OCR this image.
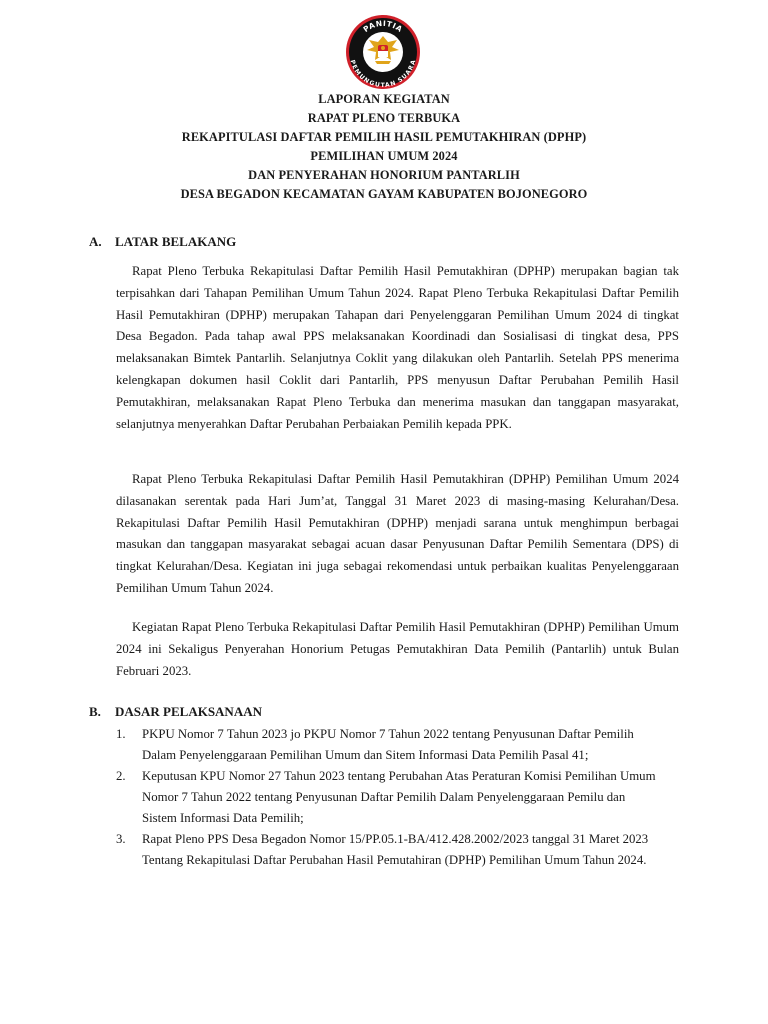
PANITIA
PEMUNGUTAN SUARA
LAPORAN KEGIATAN
RAPAT PLENO TERBUKA
REKAPITULASI DAFTAR PEMILIH HASIL PEMUTAKHIRAN (DPHP)
PEMILIHAN UMUM 2024
DAN PENYERAHAN HONORIUM PANTARLIH
DESA BEGADON KECAMATAN GAYAM KABUPATEN BOJONEGORO
A. LATAR BELAKANG

Rapat Pleno Terbuka Rekapitulasi Daftar Pemilih Hasil Pemutakhiran (DPHP) merupakan bagian tak terpisahkan dari Tahapan Pemilihan Umum Tahun 2024. Rapat Pleno Terbuka Rekapitulasi Daftar Pemilih Hasil Pemutakhiran (DPHP) merupakan Tahapan dari Penyelenggaran Pemilihan Umum 2024 di tingkat Desa Begadon. Pada tahap awal PPS melaksanakan Koordinadi dan Sosialisasi di tingkat desa, PPS melaksanakan Bimtek Pantarlih. Selanjutnya Coklit yang dilakukan oleh Pantarlih. Setelah PPS menerima kelengkapan dokumen hasil Coklit dari Pantarlih, PPS menyusun Daftar Perubahan Pemilih Hasil Pemutakhiran, melaksanakan Rapat Pleno Terbuka dan menerima masukan dan tanggapan masyarakat, selanjutnya menyerahkan Daftar Perubahan Perbaiakan Pemilih kepada PPK.

Rapat Pleno Terbuka Rekapitulasi Daftar Pemilih Hasil Pemutakhiran (DPHP) Pemilihan Umum 2024 dilasanakan serentak pada Hari Jum’at, Tanggal 31 Maret 2023 di masing-masing Kelurahan/Desa. Rekapitulasi Daftar Pemilih Hasil Pemutakhiran (DPHP) menjadi sarana untuk menghimpun berbagai masukan dan tanggapan masyarakat sebagai acuan dasar Penyusunan Daftar Pemilih Sementara (DPS) di tingkat Kelurahan/Desa. Kegiatan ini juga sebagai rekomendasi untuk perbaikan kualitas Penyelenggaraan Pemilihan Umum Tahun 2024.

Kegiatan Rapat Pleno Terbuka Rekapitulasi Daftar Pemilih Hasil Pemutakhiran (DPHP) Pemilihan Umum 2024 ini Sekaligus Penyerahan Honorium Petugas Pemutakhiran Data Pemilih (Pantarlih) untuk Bulan Februari 2023.

B. DASAR PELAKSANAAN
1. PKPU Nomor 7 Tahun 2023 jo PKPU Nomor 7 Tahun 2022 tentang Penyusunan Daftar Pemilih Dalam Penyelenggaraan Pemilihan Umum dan Sitem Informasi Data Pemilih Pasal 41;
2. Keputusan KPU Nomor 27 Tahun 2023 tentang Perubahan Atas Peraturan Komisi Pemilihan Umum Nomor 7 Tahun 2022 tentang Penyusunan Daftar Pemilih Dalam Penyelenggaraan Pemilu dan Sistem Informasi Data Pemilih;
3. Rapat Pleno PPS Desa Begadon Nomor 15/PP.05.1-BA/412.428.2002/2023 tanggal 31 Maret 2023 Tentang Rekapitulasi Daftar Perubahan Hasil Pemutahiran (DPHP) Pemilihan Umum Tahun 2024.
